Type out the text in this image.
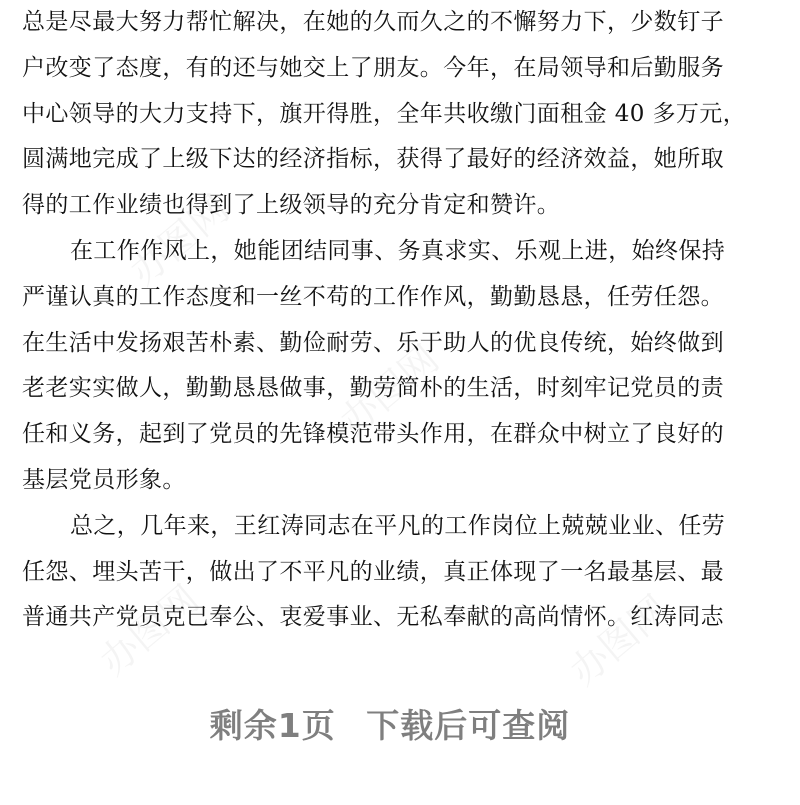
办图网
办图网
办图网	办图网
总是尽最大努力帮忙解决，在她的久而久之的不懈努力下，少数钉子
户改变了态度，有的还与她交上了朋友。今年，在局领导和后勤服务
中心领导的大力支持下，旗开得胜，全年共收缴门面租金 40 多万元，
圆满地完成了上级下达的经济指标，获得了最好的经济效益，她所取
得的工作业绩也得到了上级领导的充分肯定和赞许。
在工作作风上，她能团结同事、务真求实、乐观上进，始终保持
严谨认真的工作态度和一丝不苟的工作作风，勤勤恳恳，任劳任怨。
在生活中发扬艰苦朴素、勤俭耐劳、乐于助人的优良传统，始终做到
老老实实做人，勤勤恳恳做事，勤劳简朴的生活，时刻牢记党员的责
任和义务，起到了党员的先锋模范带头作用，在群众中树立了良好的
基层党员形象。
总之，几年来，王红涛同志在平凡的工作岗位上兢兢业业、任劳
任怨、埋头苦干，做出了不平凡的业绩，真正体现了一名最基层、最
普通共产党员克已奉公、衷爱事业、无私奉献的高尚情怀。红涛同志
剩余1页 下载后可查阅
